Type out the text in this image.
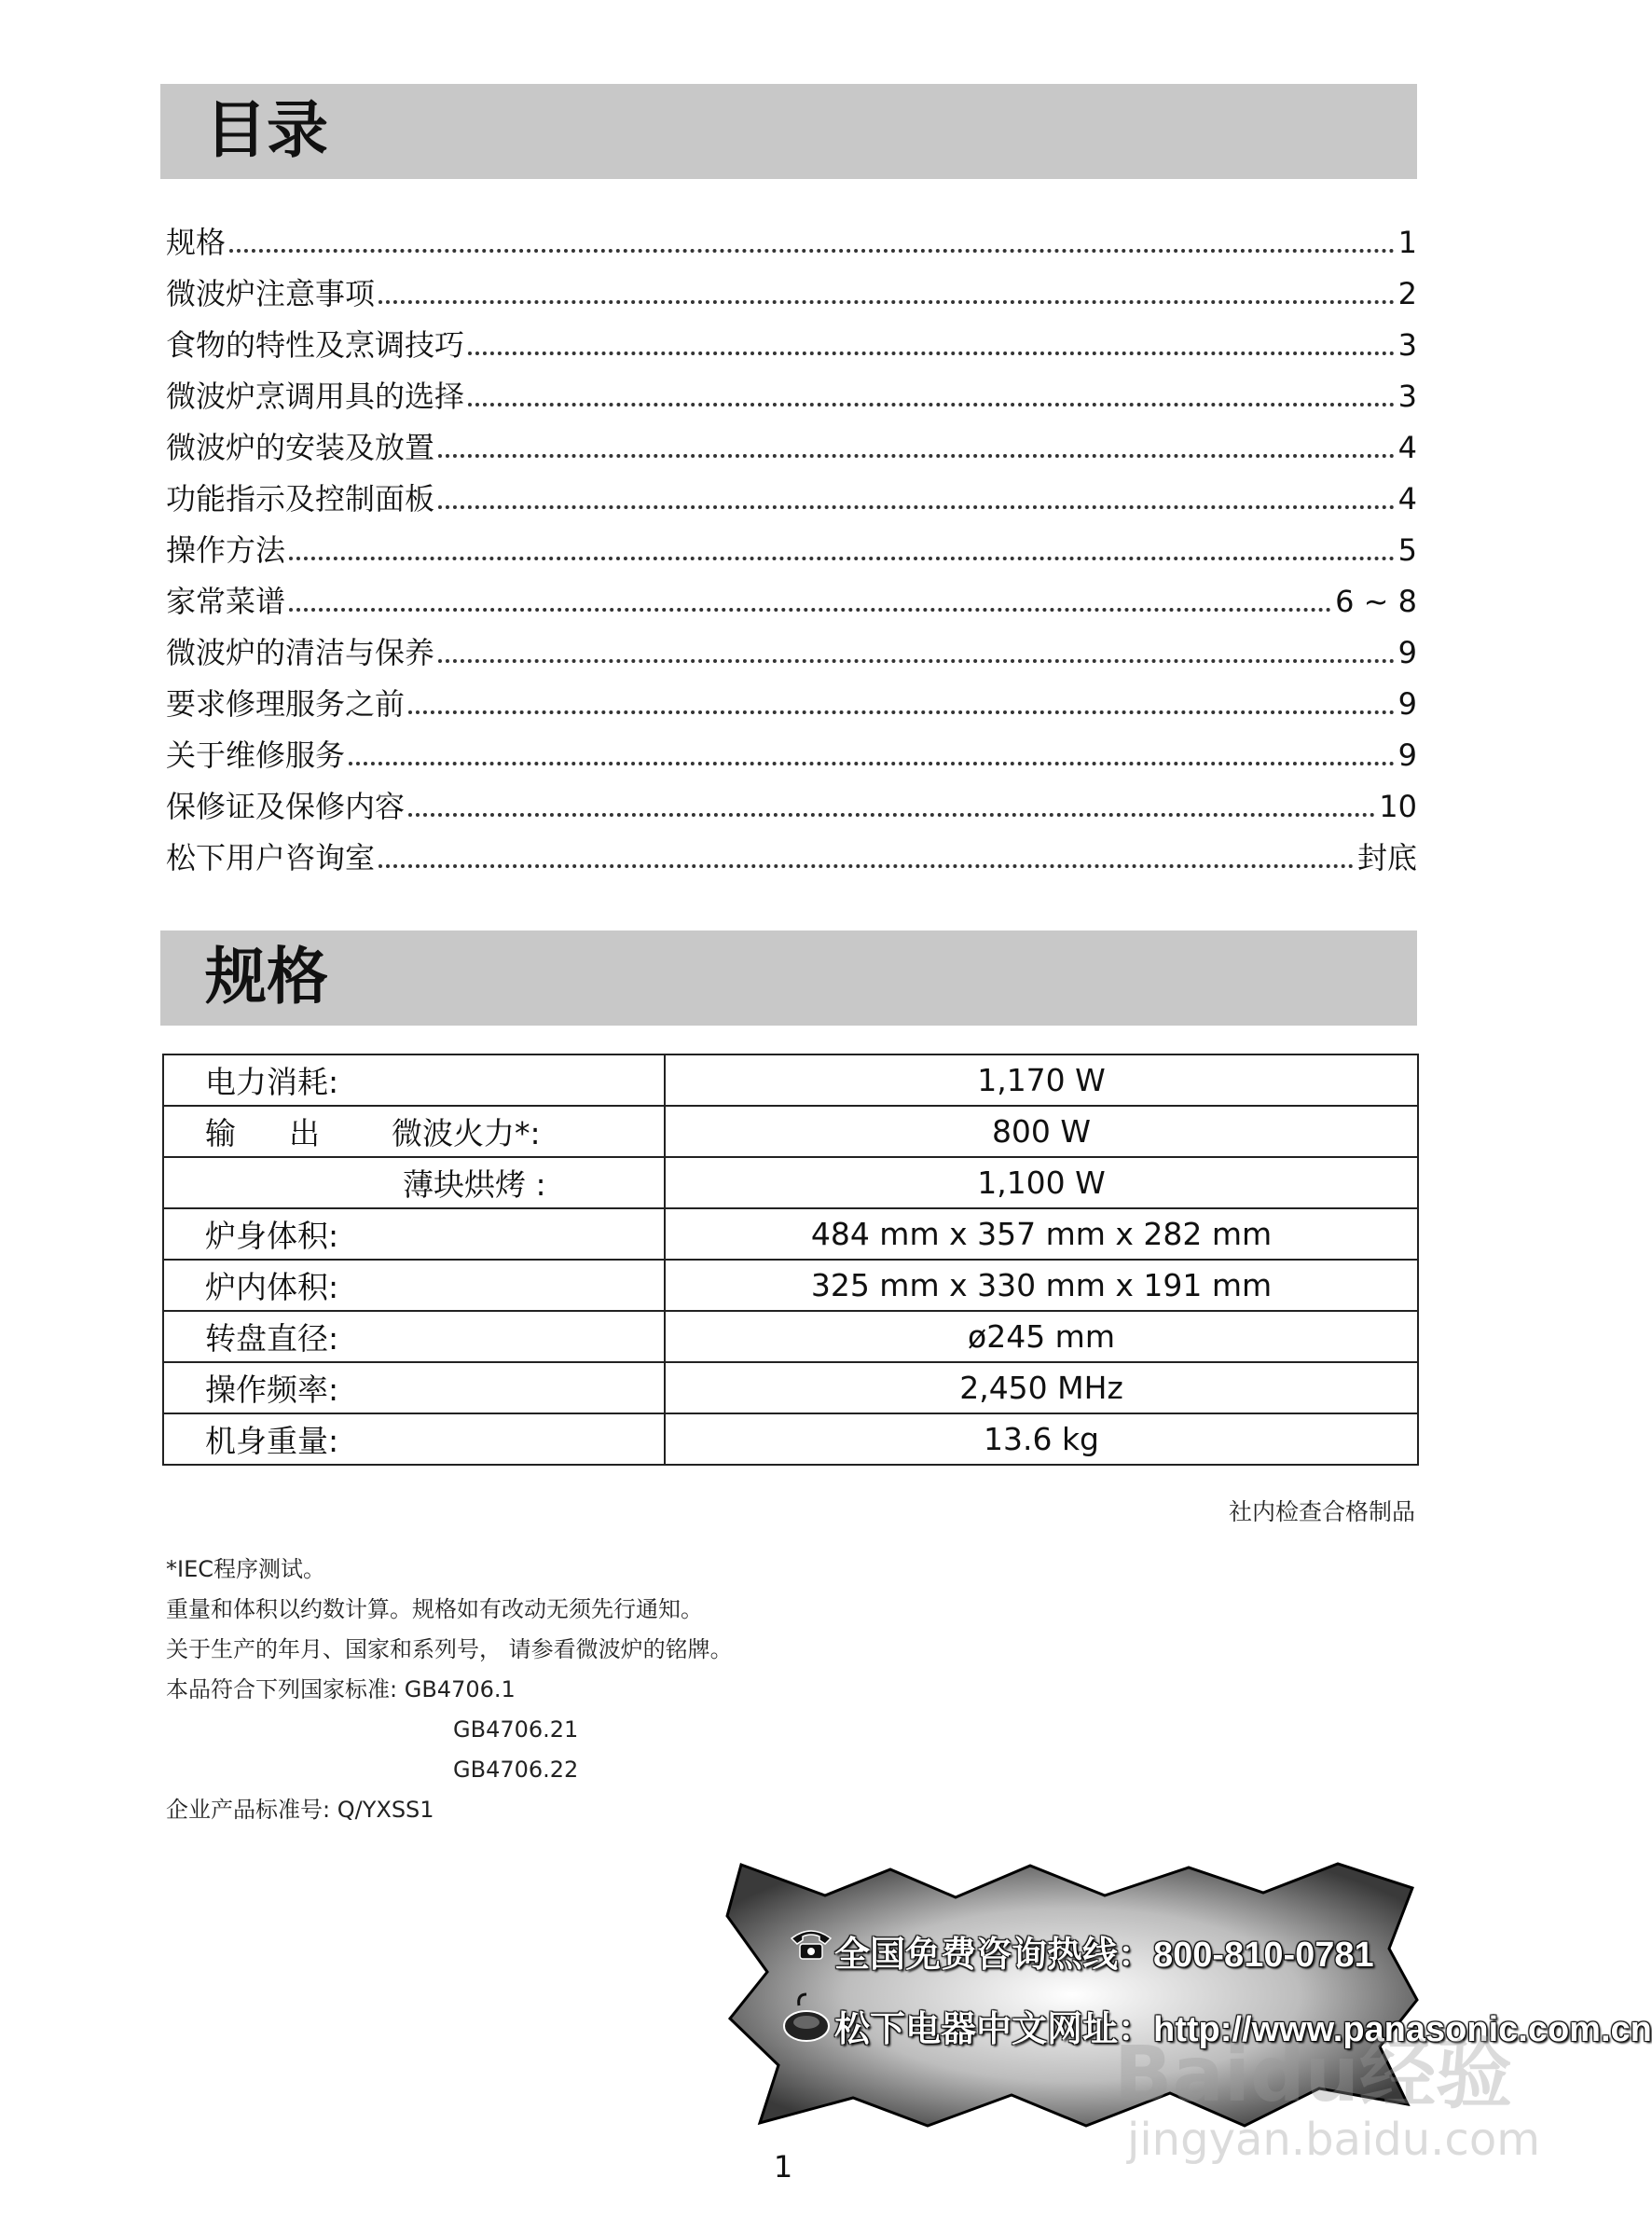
目录
规格	1
微波炉注意事项	2
食物的特性及烹调技巧	3
微波炉烹调用具的选择	3
微波炉的安装及放置	4
功能指示及控制面板	4
操作方法	5
家常菜谱	6 ~ 8
微波炉的清洁与保养	9
要求修理服务之前	9
关于维修服务	9
保修证及保修内容	10
松下用户咨询室	封底
规格
电力消耗:	1,170 W
输 出 微波火力*:	800 W
薄块烘烤 :	1,100 W
炉身体积:	484 mm x 357 mm x 282 mm
炉内体积:	325 mm x 330 mm x 191 mm
转盘直径:	ø245 mm
操作频率:	2,450 MHz
机身重量:	13.6 kg
社内检查合格制品
*IEC程序测试。
重量和体积以约数计算。规格如有改动无须先行通知。
关于生产的年月、国家和系列号， 请参看微波炉的铭牌。
本品符合下列国家标准: GB4706.1
GB4706.21
GB4706.22
企业产品标准号: Q/YXSS1
全国免费咨询热线：800-810-0781
松下电器中文网址：http://www.panasonic.com.cn
Baidu经验
jingyan.baidu.com
1
